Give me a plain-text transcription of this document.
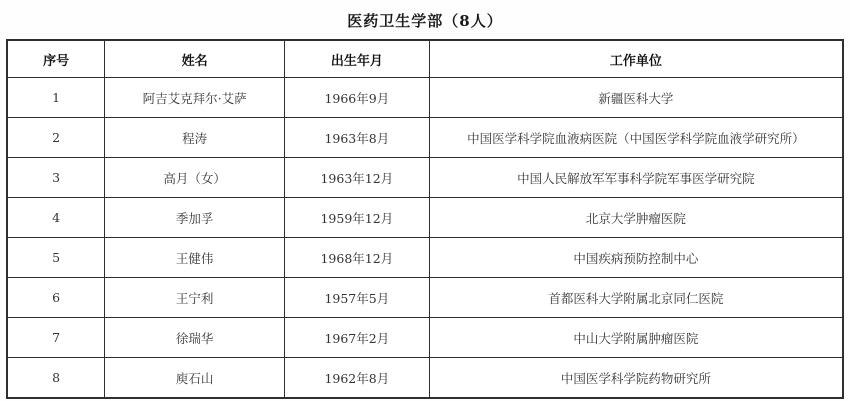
医药卫生学部（8人）
序号	姓名	出生年月	工作单位
1	阿吉艾克拜尔·艾萨	1966年9月	新疆医科大学
2	程涛	1963年8月	中国医学科学院血液病医院（中国医学科学院血液学研究所）
3	高月（女）	1963年12月	中国人民解放军军事科学院军事医学研究院
4	季加孚	1959年12月	北京大学肿瘤医院
5	王健伟	1968年12月	中国疾病预防控制中心
6	王宁利	1957年5月	首都医科大学附属北京同仁医院
7	徐瑞华	1967年2月	中山大学附属肿瘤医院
8	庾石山	1962年8月	中国医学科学院药物研究所
